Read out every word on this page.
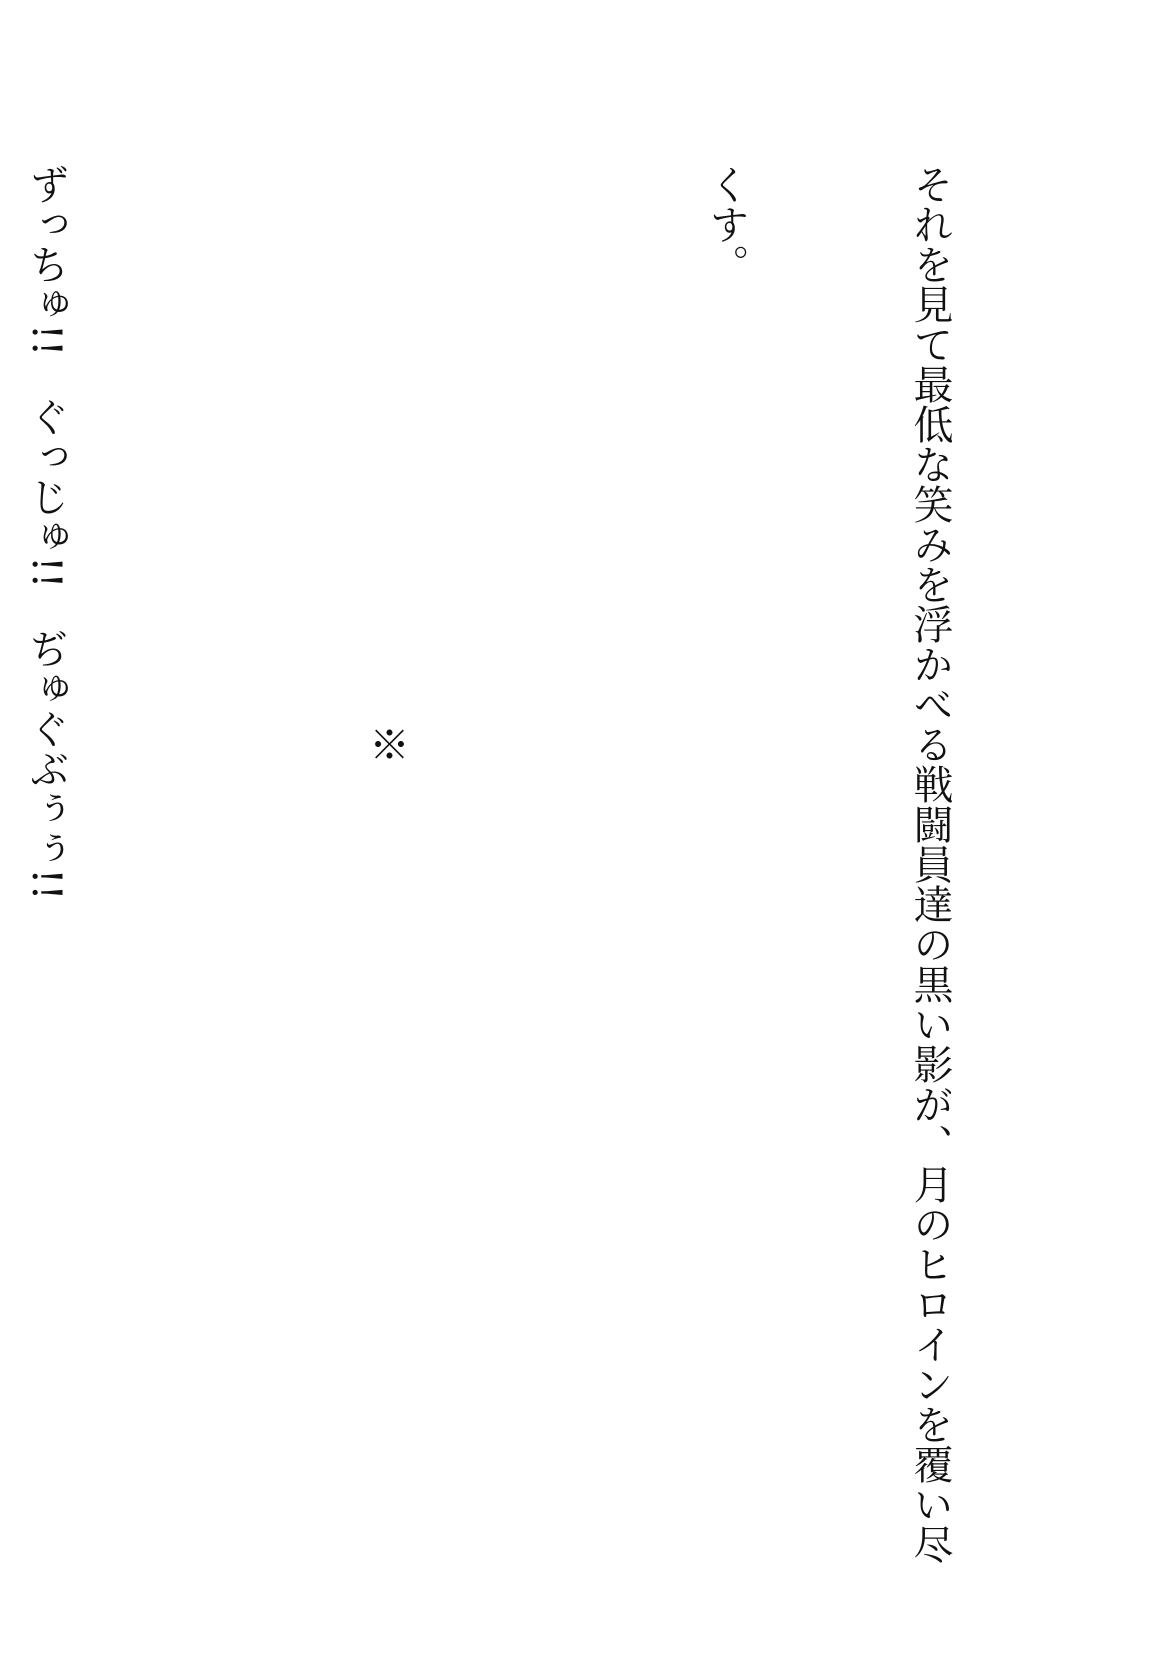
それを見て最低な笑みを浮かべる戦闘員達の黒い影が、月のヒロインを覆い尽

くす。

　　　　　　　　　　　　　　※

ずっちゅ!!　ぐっじゅ!!　ぢゅぐぶぅぅ!!
